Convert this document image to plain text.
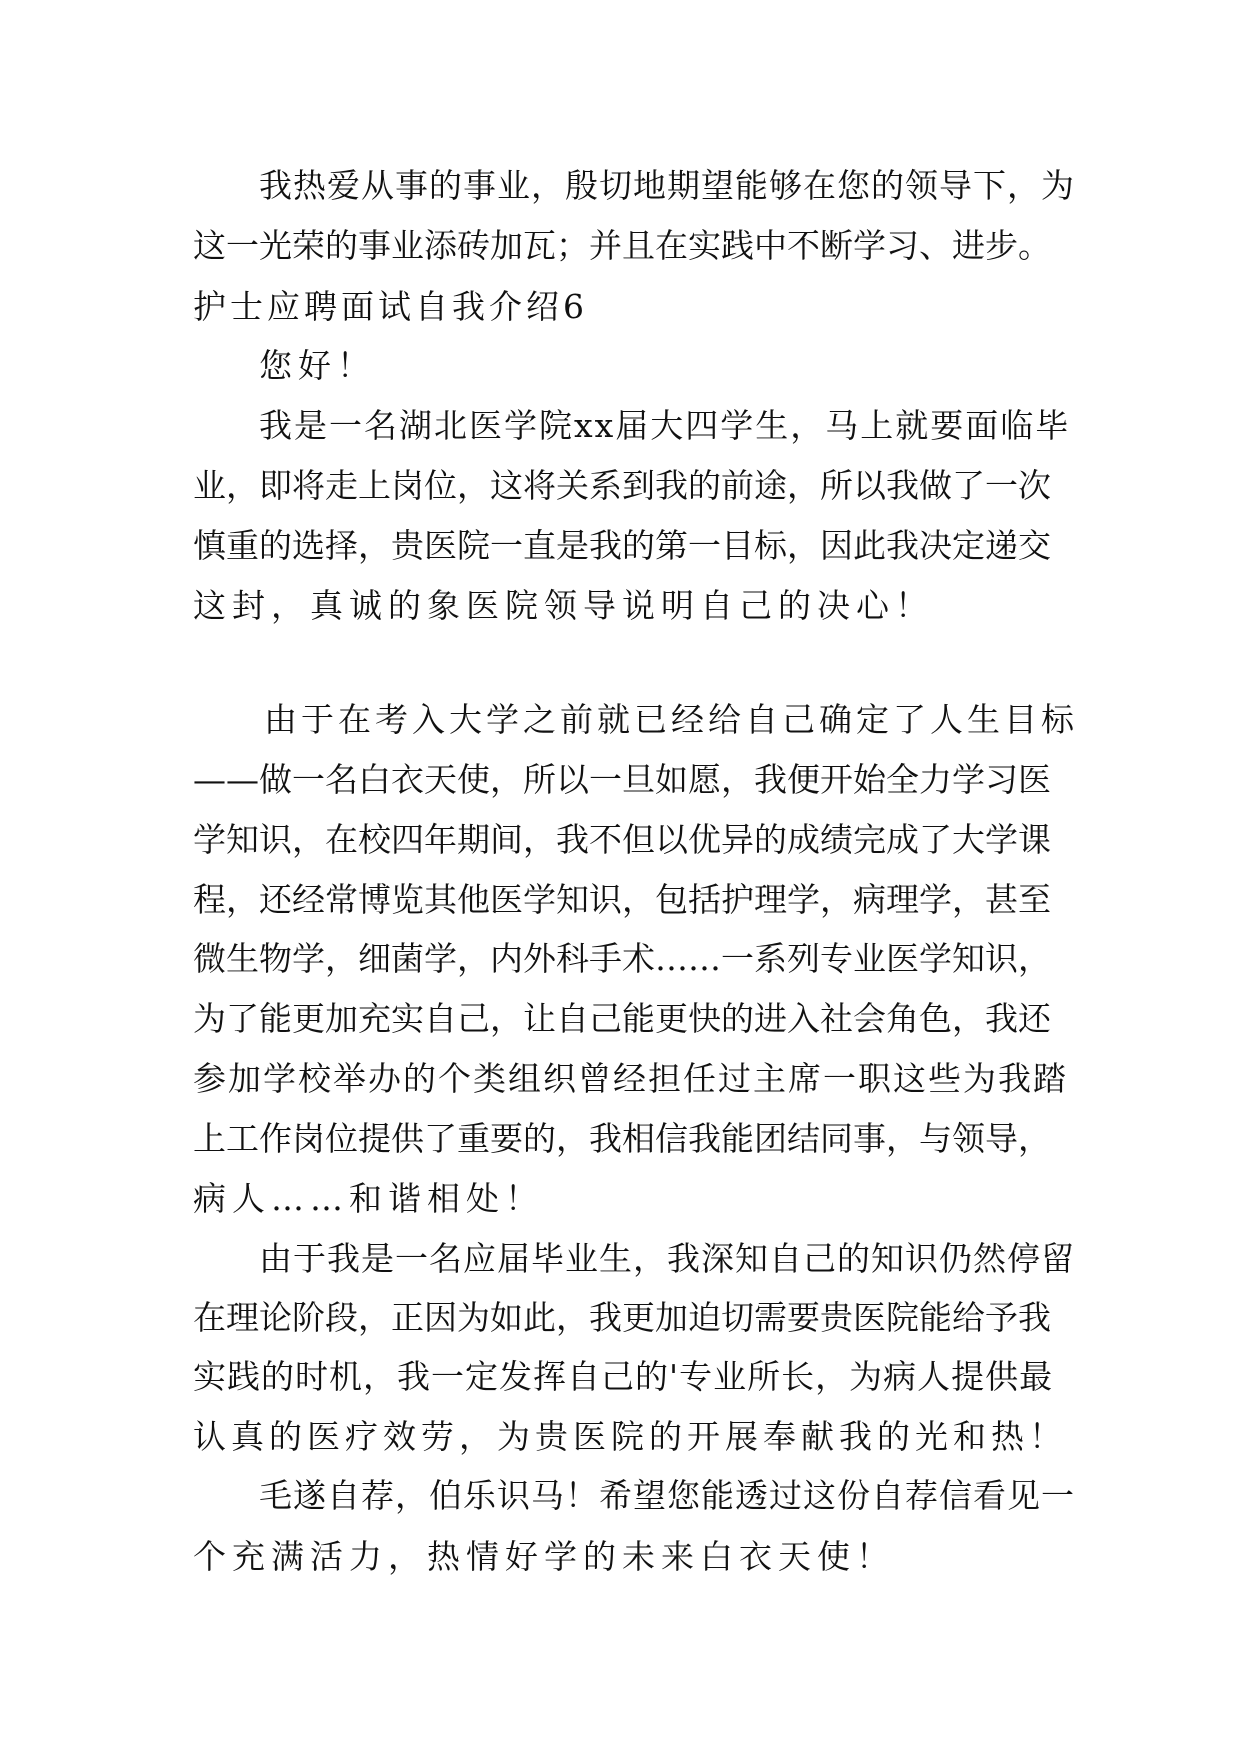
我热爱从事的事业，殷切地期望能够在您的领导下，为
这一光荣的事业添砖加瓦；并且在实践中不断学习、进步。
护士应聘面试自我介绍6
您好！
我是一名湖北医学院xx届大四学生，马上就要面临毕
业，即将走上岗位，这将关系到我的前途，所以我做了一次
慎重的选择，贵医院一直是我的第一目标，因此我决定递交
这封，真诚的象医院领导说明自己的决心！
由于在考入大学之前就已经给自己确定了人生目标
——做一名白衣天使，所以一旦如愿，我便开始全力学习医
学知识，在校四年期间，我不但以优异的成绩完成了大学课
程，还经常博览其他医学知识，包括护理学，病理学，甚至
微生物学，细菌学，内外科手术……一系列专业医学知识，
为了能更加充实自己，让自己能更快的进入社会角色，我还
参加学校举办的个类组织曾经担任过主席一职这些为我踏
上工作岗位提供了重要的，我相信我能团结同事，与领导，
病人……和谐相处！
由于我是一名应届毕业生，我深知自己的知识仍然停留
在理论阶段，正因为如此，我更加迫切需要贵医院能给予我
实践的时机，我一定发挥自己的'专业所长，为病人提供最
认真的医疗效劳，为贵医院的开展奉献我的光和热！
毛遂自荐，伯乐识马！希望您能透过这份自荐信看见一
个充满活力，热情好学的未来白衣天使！
